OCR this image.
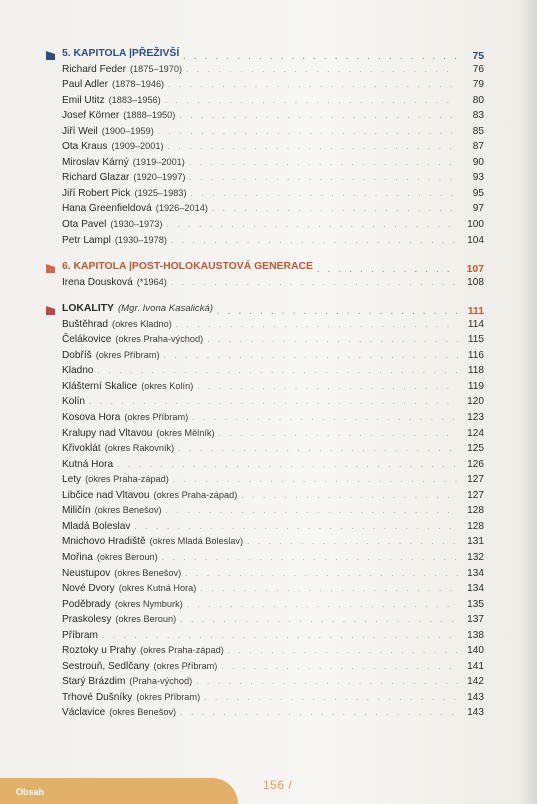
5. KAPITOLA | PŘEŽIVŠÍ . . .	75
Richard Feder (1875–1970) . . .	76
Paul Adler (1878–1946) . . .	79
Emil Utitz (1883–1956) . . .	80
Josef Körner (1888–1950) . . .	83
Jiří Weil (1900–1959) . . .	85
Ota Kraus (1909–2001) . . .	87
Miroslav Kárný (1919–2001) . . .	90
Richard Glazar (1920–1997) . . .	93
Jiří Robert Pick (1925–1983) . . .	95
Hana Greenfieldová (1926–2014) . . .	97
Ota Pavel (1930–1973) . . .	100
Petr Lampl (1930–1978) . . .	104
6. KAPITOLA | POST-HOLOKAUSTOVÁ GENERACE . . .	107
Irena Dousková (*1964) . . .	108
LOKALITY (Mgr. Ivona Kasalická) . . .	111
Buštěhrad (okres Kladno) . . .	114
Čelákovice (okres Praha-východ) . . .	115
Dobříš (okres Příbram) . . .	116
Kladno . . .	118
Klášterní Skalice (okres Kolín) . . .	119
Kolín . . .	120
Kosova Hora (okres Příbram) . . .	123
Kralupy nad Vltavou (okres Mělník) . . .	124
Křivoklát (okres Rakovník) . . .	125
Kutná Hora . . .	126
Lety (okres Praha-západ) . . .	127
Libčice nad Vltavou (okres Praha-západ) . . .	127
Miličín (okres Benešov) . . .	128
Mladá Boleslav . . .	128
Mnichovo Hradiště (okres Mladá Boleslav) . . .	131
Mořina (okres Beroun) . . .	132
Neustupov (okres Benešov) . . .	134
Nové Dvory (okres Kutná Hora) . . .	134
Poděbrady (okres Nymburk) . . .	135
Praskolesy (okres Beroun) . . .	137
Příbram . . .	138
Roztoky u Prahy (okres Praha-západ) . . .	140
Sestrouň, Sedlčany (okres Příbram) . . .	141
Starý Brázdim (Praha-východ) . . .	142
Trhové Dušníky (okres Příbram) . . .	143
Václavice (okres Benešov) . . .	143
Obsah	156 /
